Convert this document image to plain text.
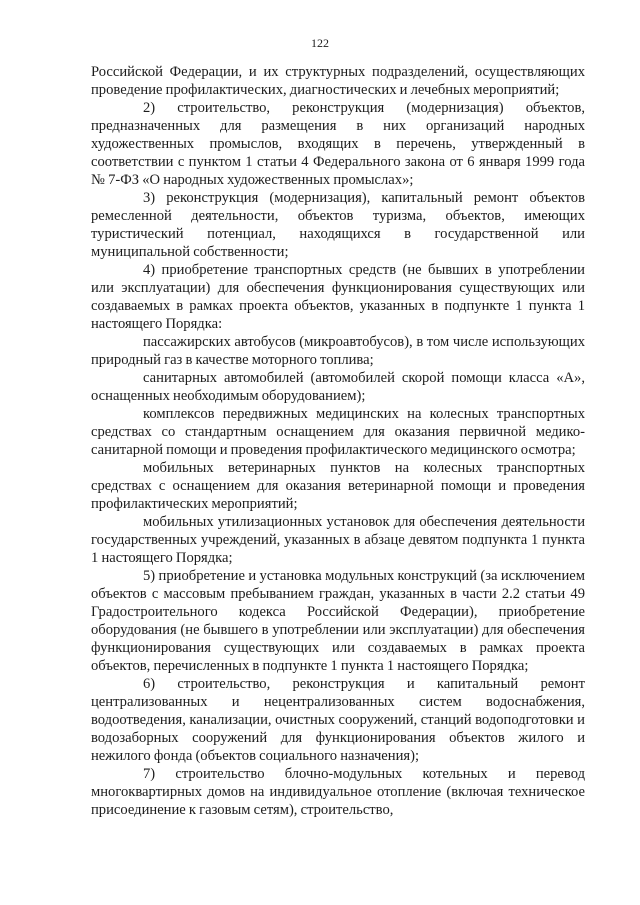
122

Российской Федерации, и их структурных подразделений, осуществляющих проведение профилактических, диагностических и лечебных мероприятий;

2) строительство, реконструкция (модернизация) объектов, предназначенных для размещения в них организаций народных художественных промыслов, входящих в перечень, утвержденный в соответствии с пунктом 1 статьи 4 Федерального закона от 6 января 1999 года № 7-ФЗ «О народных художественных промыслах»;

3) реконструкция (модернизация), капитальный ремонт объектов ремесленной деятельности, объектов туризма, объектов, имеющих туристический потенциал, находящихся в государственной или муниципальной собственности;

4) приобретение транспортных средств (не бывших в употреблении или эксплуатации) для обеспечения функционирования существующих или создаваемых в рамках проекта объектов, указанных в подпункте 1 пункта 1 настоящего Порядка:

пассажирских автобусов (микроавтобусов), в том числе использующих природный газ в качестве моторного топлива;

санитарных автомобилей (автомобилей скорой помощи класса «А», оснащенных необходимым оборудованием);

комплексов передвижных медицинских на колесных транспортных средствах со стандартным оснащением для оказания первичной медико-санитарной помощи и проведения профилактического медицинского осмотра;

мобильных ветеринарных пунктов на колесных транспортных средствах с оснащением для оказания ветеринарной помощи и проведения профилактических мероприятий;

мобильных утилизационных установок для обеспечения деятельности государственных учреждений, указанных в абзаце девятом подпункта 1 пункта 1 настоящего Порядка;

5) приобретение и установка модульных конструкций (за исключением объектов с массовым пребыванием граждан, указанных в части 2.2 статьи 49 Градостроительного кодекса Российской Федерации), приобретение оборудования (не бывшего в употреблении или эксплуатации) для обеспечения функционирования существующих или создаваемых в рамках проекта объектов, перечисленных в подпункте 1 пункта 1 настоящего Порядка;

6) строительство, реконструкция и капитальный ремонт централизованных и нецентрализованных систем водоснабжения, водоотведения, канализации, очистных сооружений, станций водоподготовки и водозаборных сооружений для функционирования объектов жилого и нежилого фонда (объектов социального назначения);

7) строительство блочно-модульных котельных и перевод многоквартирных домов на индивидуальное отопление (включая техническое присоединение к газовым сетям), строительство,
